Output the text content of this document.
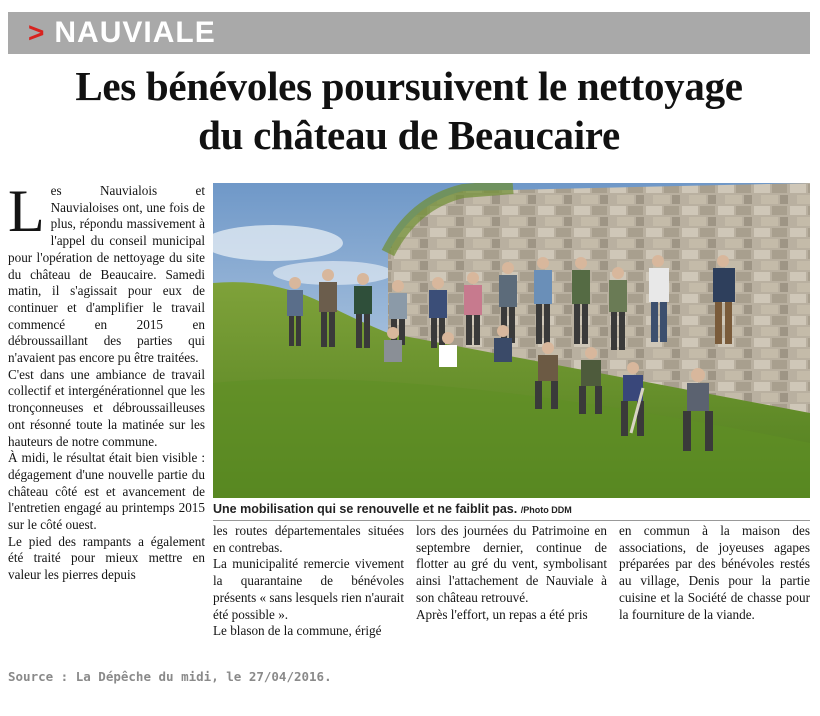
> NAUVIALE
Les bénévoles poursuivent le nettoyage
du château de Beaucaire

Les Nauvialois et Nauvialoises ont, une fois de plus, répondu massivement à l'appel du conseil municipal pour l'opération de nettoyage du site du château de Beaucaire. Samedi matin, il s'agissait pour eux de continuer et d'amplifier le travail commencé en 2015 en débroussaillant des parties qui n'avaient pas encore pu être traitées.

C'est dans une ambiance de travail collectif et intergénérationnel que les tronçonneuses et débroussailleuses ont résonné toute la matinée sur les hauteurs de notre commune.

À midi, le résultat était bien visible : dégagement d'une nouvelle partie du château côté est et avancement de l'entretien engagé au printemps 2015 sur le côté ouest.

Le pied des rampants a également été traité pour mieux mettre en valeur les pierres depuis

Une mobilisation qui se renouvelle et ne faiblit pas. /Photo DDM

les routes départementales situées en contrebas.

La municipalité remercie vivement la quarantaine de bénévoles présents « sans lesquels rien n'aurait été possible ».

Le blason de la commune, érigé

lors des journées du Patrimoine en septembre dernier, continue de flotter au gré du vent, symbolisant ainsi l'attachement de Nauviale à son château retrouvé.

Après l'effort, un repas a été pris

en commun à la maison des associations, de joyeuses agapes préparées par des bénévoles restés au village, Denis pour la partie cuisine et la Société de chasse pour la fourniture de la viande.

Source : La Dépêche du midi, le 27/04/2016.
